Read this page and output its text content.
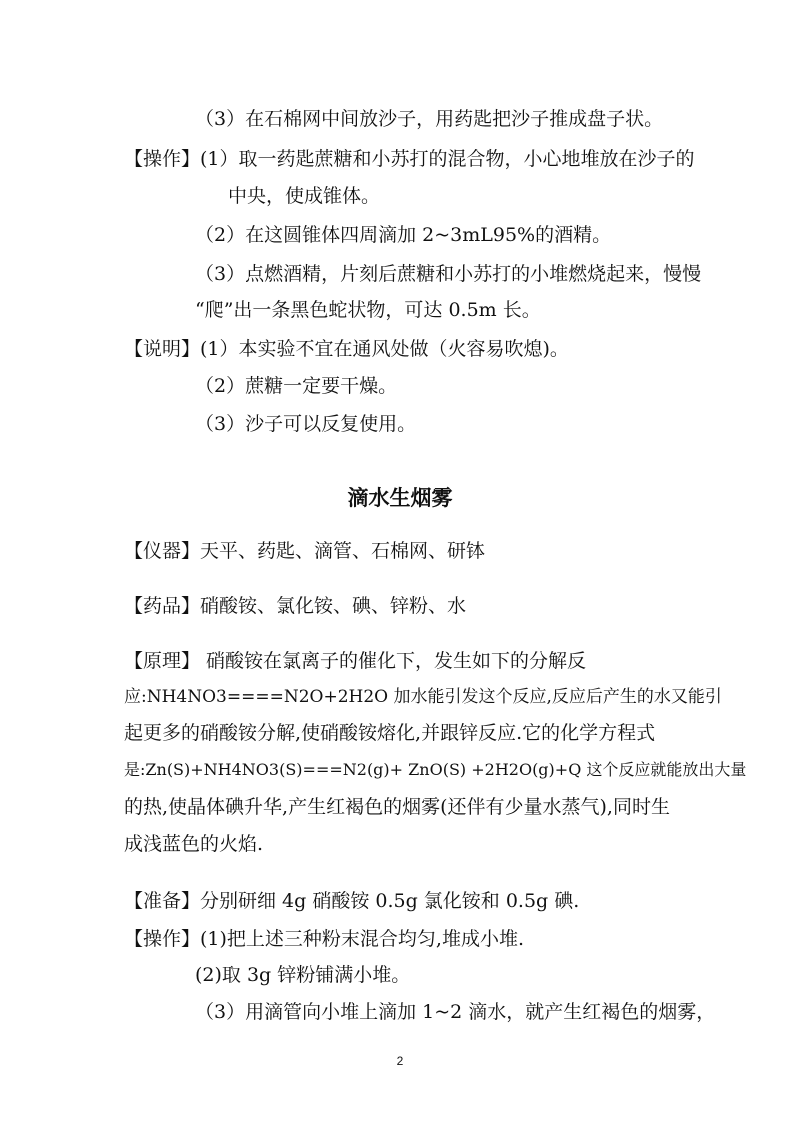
（3）在石棉网中间放沙子，用药匙把沙子推成盘子状。
【操作】(1）取一药匙蔗糖和小苏打的混合物，小心地堆放在沙子的
中央，使成锥体。
（2）在这圆锥体四周滴加 2~3mL95%的酒精。
（3）点燃酒精，片刻后蔗糖和小苏打的小堆燃烧起来，慢慢
“爬”出一条黑色蛇状物，可达 0.5m 长。
【说明】(1）本实验不宜在通风处做（火容易吹熄)。
（2）蔗糖一定要干燥。
（3）沙子可以反复使用。
滴水生烟雾
【仪器】天平、药匙、滴管、石棉网、研钵
【药品】硝酸铵、氯化铵、碘、锌粉、水
【原理】 硝酸铵在氯离子的催化下，发生如下的分解反
应:NH4NO3====N2O+2H2O 加水能引发这个反应,反应后产生的水又能引
起更多的硝酸铵分解,使硝酸铵熔化,并跟锌反应.它的化学方程式
是:Zn(S)+NH4NO3(S)===N2(g)+ ZnO(S) +2H2O(g)+Q 这个反应就能放出大量
的热,使晶体碘升华,产生红褐色的烟雾(还伴有少量水蒸气),同时生
成浅蓝色的火焰.
【准备】分别研细 4g 硝酸铵 0.5g 氯化铵和 0.5g 碘.
【操作】(1)把上述三种粉末混合均匀,堆成小堆.
(2)取 3g 锌粉铺满小堆。
（3）用滴管向小堆上滴加 1~2 滴水，就产生红褐色的烟雾，
2
